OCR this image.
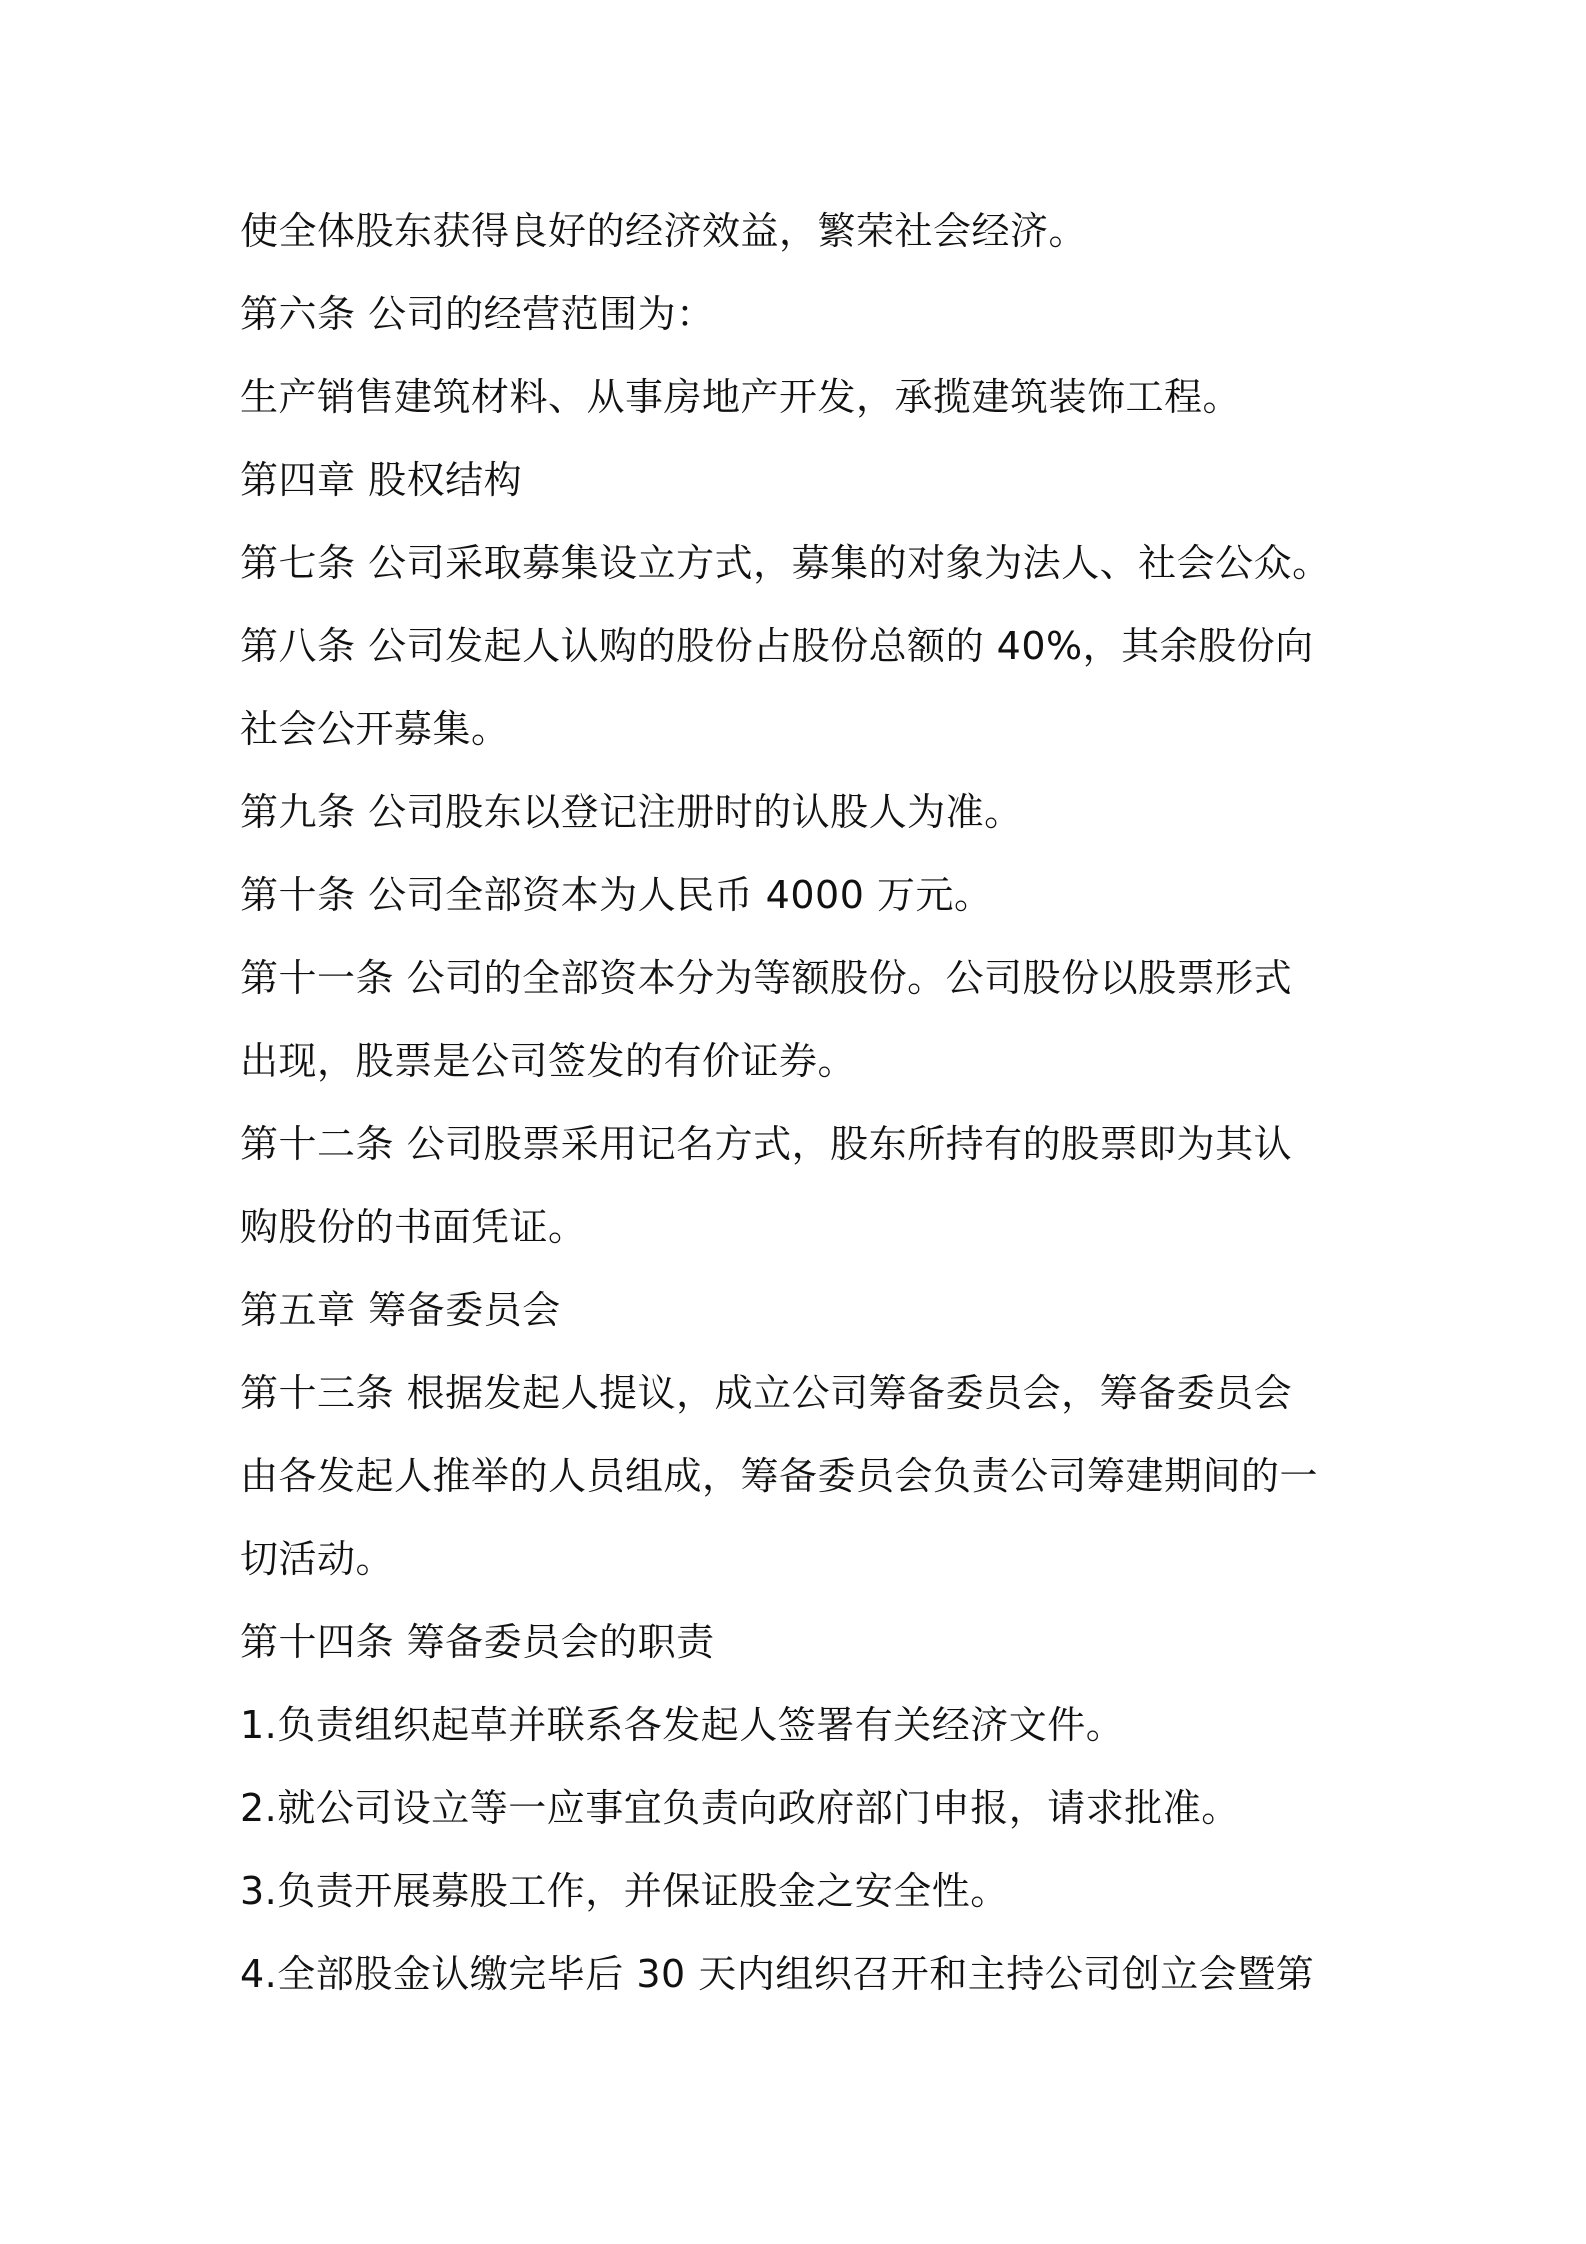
使全体股东获得良好的经济效益，繁荣社会经济。
第六条 公司的经营范围为：
生产销售建筑材料、从事房地产开发，承揽建筑装饰工程。
第四章 股权结构
第七条 公司采取募集设立方式，募集的对象为法人、社会公众。
第八条 公司发起人认购的股份占股份总额的 40%，其余股份向
社会公开募集。
第九条 公司股东以登记注册时的认股人为准。
第十条 公司全部资本为人民币 4000 万元。
第十一条 公司的全部资本分为等额股份。公司股份以股票形式
出现，股票是公司签发的有价证券。
第十二条 公司股票采用记名方式，股东所持有的股票即为其认
购股份的书面凭证。
第五章 筹备委员会
第十三条 根据发起人提议，成立公司筹备委员会，筹备委员会
由各发起人推举的人员组成，筹备委员会负责公司筹建期间的一
切活动。
第十四条 筹备委员会的职责
1.负责组织起草并联系各发起人签署有关经济文件。
2.就公司设立等一应事宜负责向政府部门申报，请求批准。
3.负责开展募股工作，并保证股金之安全性。
4.全部股金认缴完毕后 30 天内组织召开和主持公司创立会暨第
